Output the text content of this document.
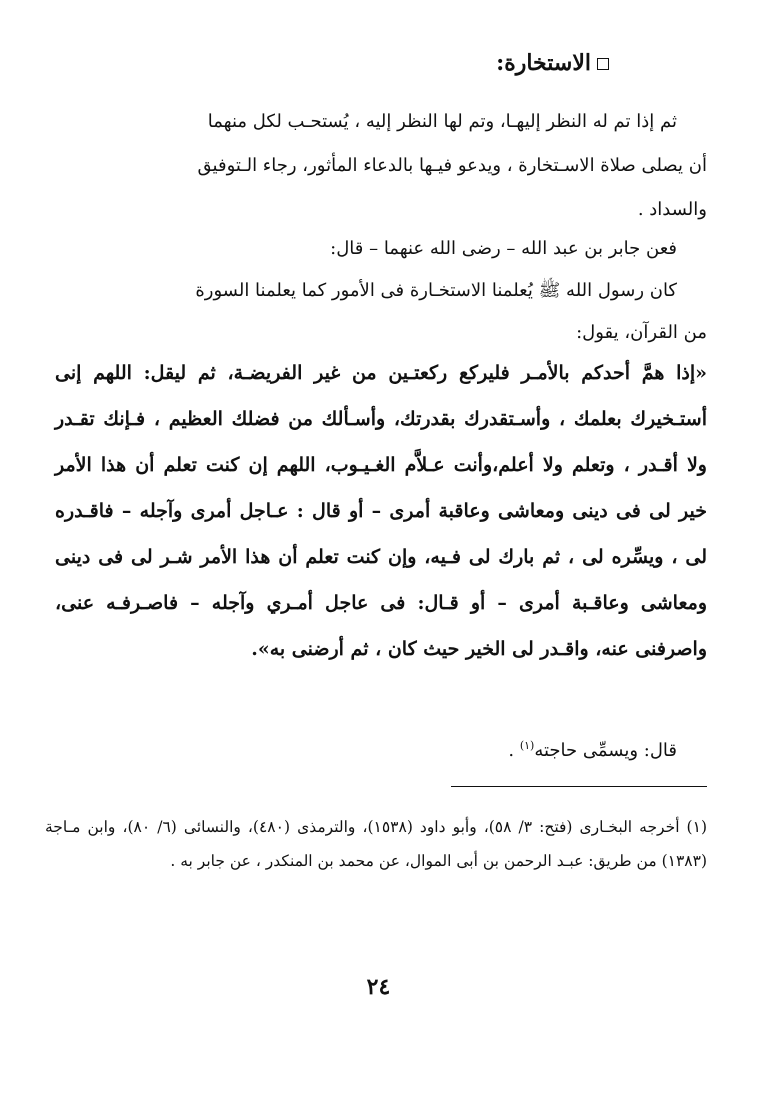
الاستخارة:
ثم إذا تم له النظر إليهـا، وتم لها النظر إليه ، يُستحـب لكل منهما
أن يصلى صلاة الاسـتخارة ، ويدعو فيـها بالدعاء المأثور، رجاء الـتوفيق
والسداد .
فعن جابر بن عبد الله – رضى الله عنهما – قال:
كان رسول الله ﷺ يُعلمنا الاستخـارة فى الأمور كما يعلمنا السورة
من القرآن، يقول:
«إذا همَّ أحدكم بالأمـر فليركع ركعتـين من غير الفريضـة، ثم ليقل: اللهم إنى أستـخيرك بعلمك ، وأسـتقدرك بقدرتك، وأسـألك من فضلك العظيم ، فـإنك تقـدر ولا أقـدر ، وتعلم ولا أعلم،وأنت عـلاَّم الغـيـوب، اللهم إن كنت تعلم أن هذا الأمر خير لى فى دينى ومعاشى وعاقبة أمرى – أو قال : عـاجل أمرى وآجله – فاقـدره لى ، ويسِّره لى ، ثم بارك لى فـيه، وإن كنت تعلم أن هذا الأمر شـر لى فى دينى ومعاشى وعاقـبة أمرى – أو قـال: فى عاجل أمـري وآجله – فاصـرفـه عنى، واصرفنى عنه، واقـدر لى الخير حيث كان ، ثم أرضنى به».
قال: ويسمِّى حاجته$^{(١)}$ .
(١) أخرجه البخـارى (فتح: ٣/ ٥٨)، وأبو داود (١٥٣٨)، والترمذى (٤٨٠)، والنسائى (٦/ ٨٠)، وابن مـاجة (١٣٨٣) من طريق: عبـد الرحمن بن أبى الموال، عن محمد بن المنكدر ، عن جابر به .
٢٤
